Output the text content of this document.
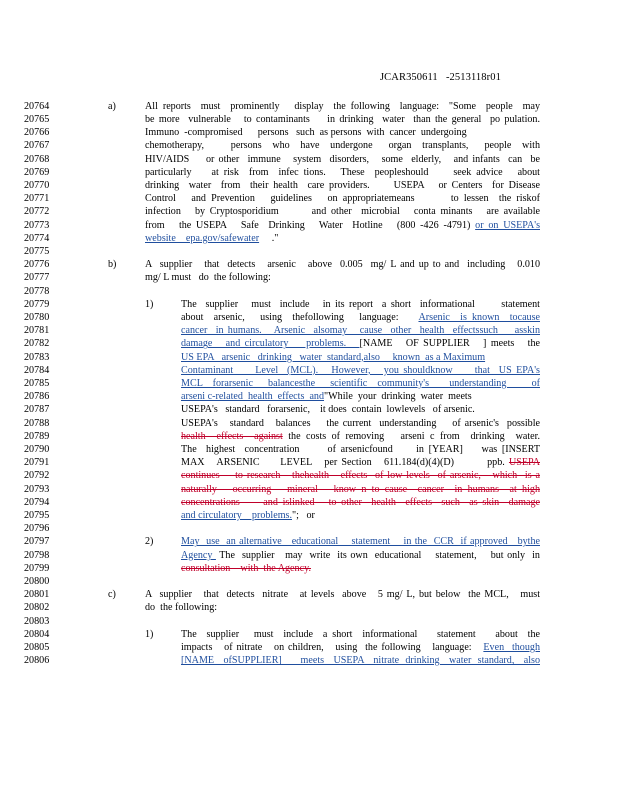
JCAR350611   -2513118r01
20764	a)	All reports  must  prominently   display  the following  language:  "Some  people  may
20765	be more  vulnerable   to contaminants    in drinking  water  than the general  po pulation.
20766	Immuno  -compromised      persons   such  as persons  with  cancer  undergoing
20767	chemotherapy,     persons  who  have  undergone   organ  transplants,   people  with
20768	HIV/AIDS    or other  immune   system  disorders,   some  elderly,   and infants  can  be
20769	particularly    at risk  from  infec tions.   These  peopleshould     seek advice   about
20770	drinking  water  from  their health  care providers.     USEPA   or Centers  for Disease
20771	Control   and Prevention   guidelines   on appropriatemeans       to lessen  the riskof
20772	infection   by Cryptosporidium       and other  microbial   conta minants   are available
20773	from   the USEPA   Safe  Drinking   Water  Hotline   (800 -426 -4791) or on USEPA's
20774	website    epa.gov/safewater     ."
20775
20776	b)	A  supplier   that  detects   arsenic   above  0.005  mg/ L and up to and  including   0.010
20777	mg/ L must   do  the following:
20778
20779	1)	The  supplier   must  include   in its report  a short  informational      statement
20780	about  arsenic,   using  thefollowing   language:    Arsenic  is known  tocause
20781	cancer  in humans.   Arsenic  alsomay   cause  other  health  effectssuch    asskin
20782	damage   and circulatory    problems.   [NAME   OF SUPPLIER   ] meets   the
20783	US EPA   arsenic   drinking   water  standard,also     known  as a Maximum
20784	Contaminant     Level  (MCL).   However,   you shouldknow     that  US EPA's
20785	MCL  forarsenic   balancesthe   scientific  community's    understanding     of
20786	arseni c-related  health  effects  and"While  your  drinking  water  meets
20787	USEPA's   standard   forarsenic,    it does  contain  lowlevels   of arsenic.
20788	USEPA's   standard   balances    the current  understanding    of arsenic's  possible
20789	health  effects  against the costs of removing   arseni c from  drinking  water.
20790	The  highest  concentration      of arsenicfound     in [YEAR]    was [INSERT
20791	MAX   ARSENIC     LEVEL   per Section   611.184(d)(4)(D)        ppb. USEPA
20792	continues    to research   thehealth   effects  of low levels  of arsenic,   which  is a
20793	naturally   occurring   mineral   know n to cause  cancer  in humans  at high
20794	concentrations     and islinked   to other  health  effects  such  as skin  damage
20795	and circulatory    problems.";   or
20796
20797	2)	May  use  an alternative   educational    statement    in the  CCR  if approved   bythe
20798	Agency  The  supplier   may  write  its own  educational    statement,    but only  in
20799	consultation    with  the Agency.
20800
20801	c)	A  supplier   that  detects  nitrate   at levels  above   5 mg/ L, but below  the MCL,   must
20802	do  the following:
20803
20804	1)	The  supplier   must  include  a short  informational    statement    about  the
20805	impacts   of nitrate   on children,   using  the following   language:   Even  though
20806	[NAME   ofSUPPLIER]      meets   USEPA   nitrate  drinking   water  standard,   also
